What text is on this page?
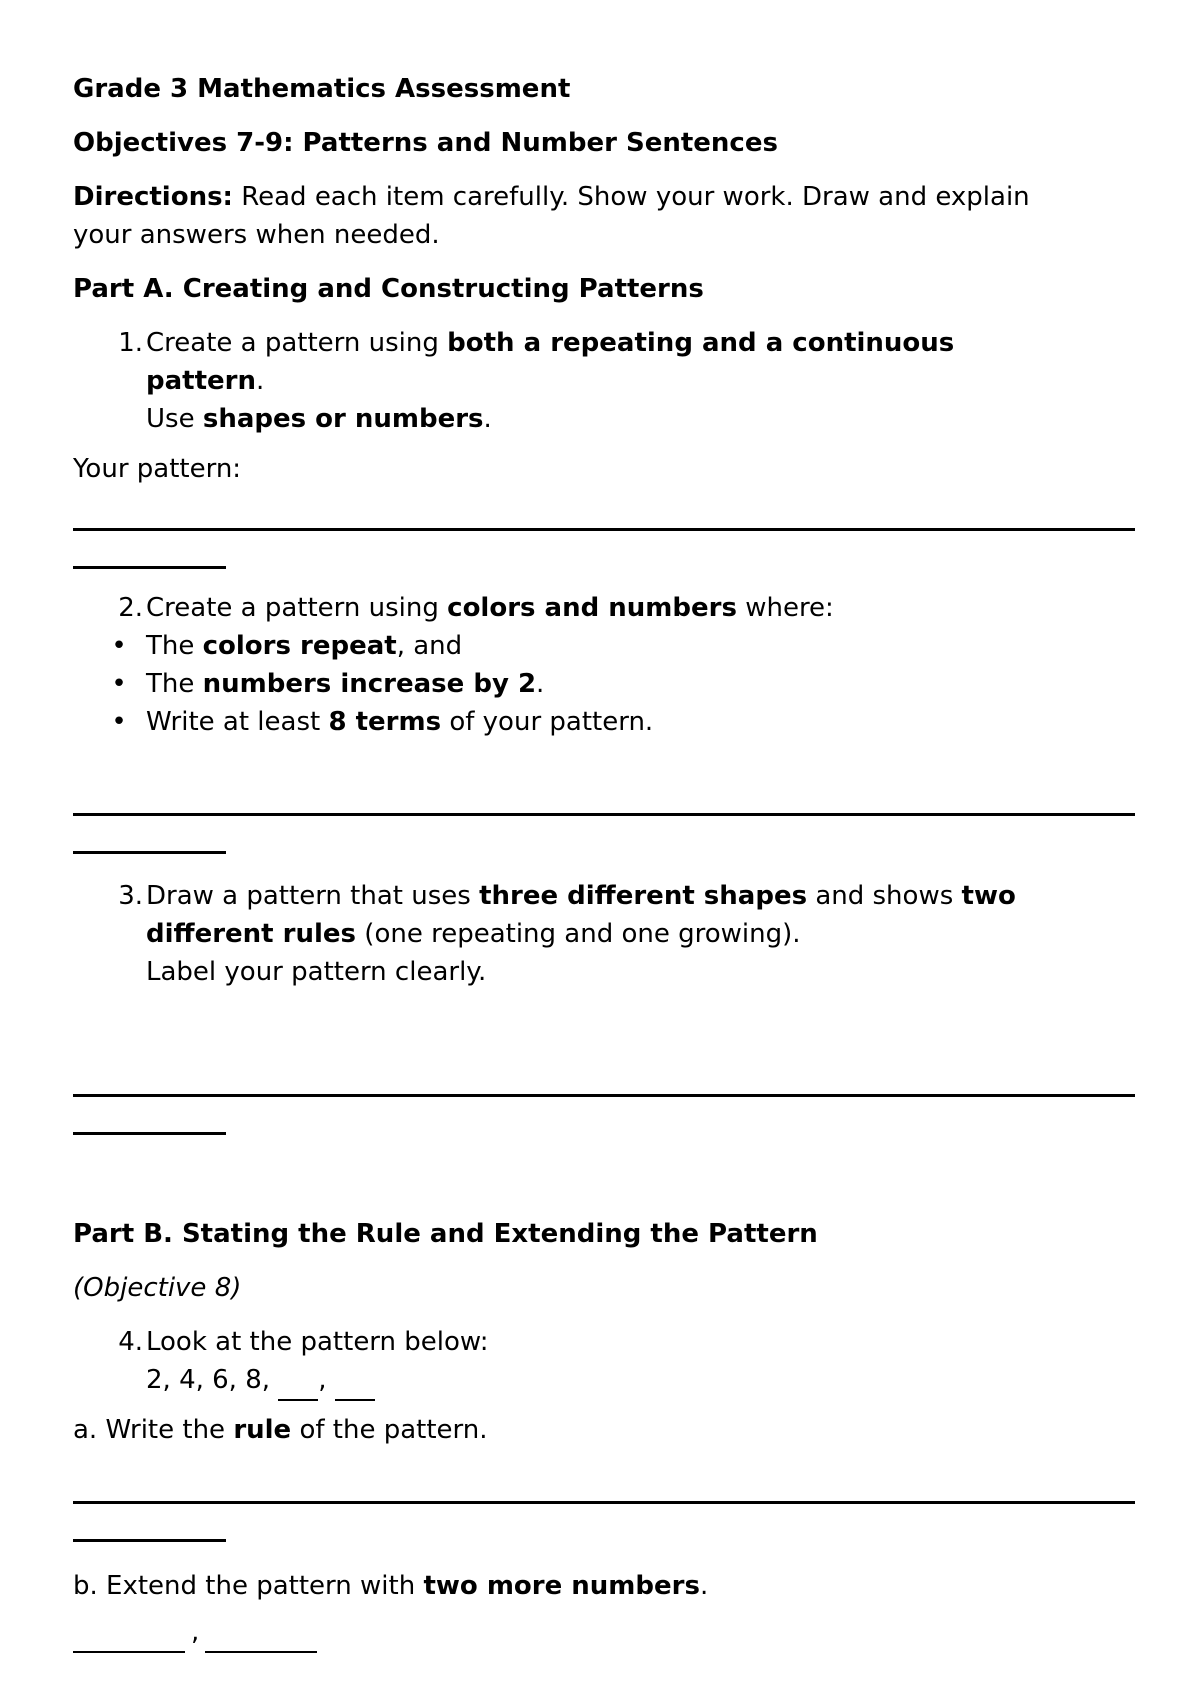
Grade 3 Mathematics Assessment

Objectives 7-9: Patterns and Number Sentences

Directions: Read each item carefully. Show your work. Draw and explain

your answers when needed.

Part A. Creating and Constructing Patterns

1. Create a pattern using both a repeating and a continuous

pattern.

Use shapes or numbers.

Your pattern:

2. Create a pattern using colors and numbers where:

• The colors repeat, and

• The numbers increase by 2.

• Write at least 8 terms of your pattern.

3. Draw a pattern that uses three different shapes and shows two

different rules (one repeating and one growing).

Label your pattern clearly.

Part B. Stating the Rule and Extending the Pattern

(Objective 8)

4. Look at the pattern below:

2, 4, 6, 8,  ,

a. Write the rule of the pattern.

b. Extend the pattern with two more numbers.

,
